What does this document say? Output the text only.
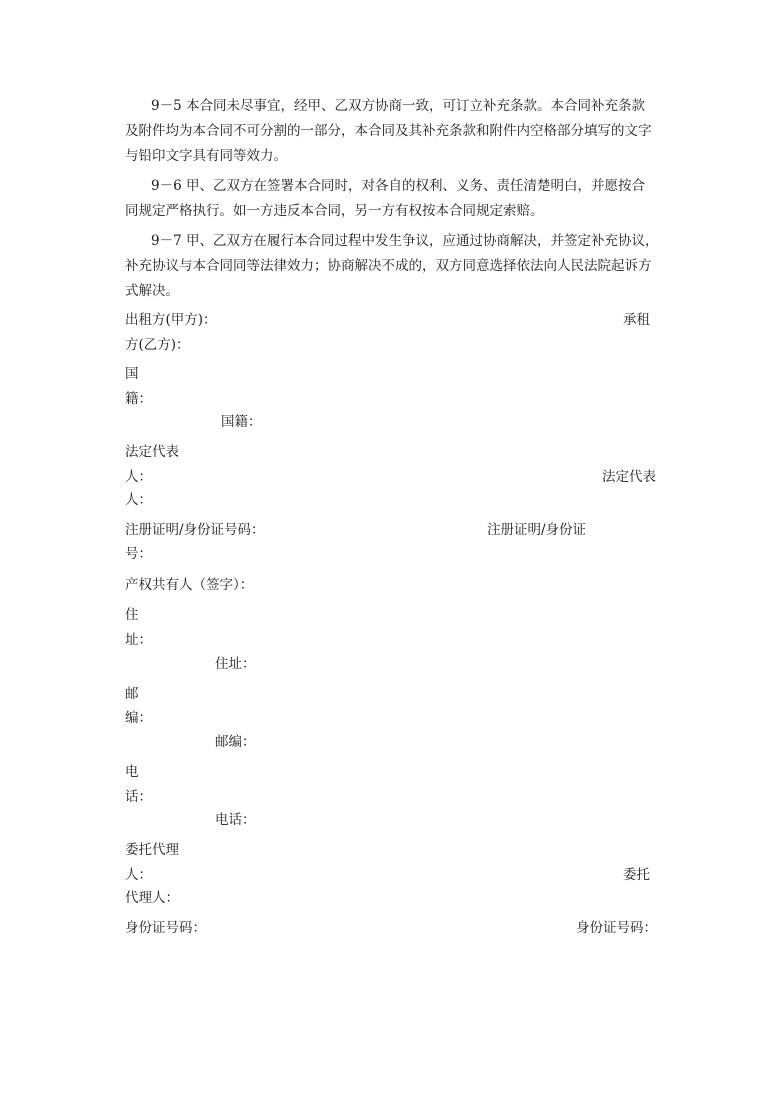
9－5 本合同未尽事宜，经甲、乙双方协商一致，可订立补充条款。本合同补充条款
及附件均为本合同不可分割的一部分，本合同及其补充条款和附件内空格部分填写的文字
与铅印文字具有同等效力。
9－6 甲、乙双方在签署本合同时，对各自的权利、义务、责任清楚明白，并愿按合
同规定严格执行。如一方违反本合同，另一方有权按本合同规定索赔。
9－7 甲、乙双方在履行本合同过程中发生争议，应通过协商解决，并签定补充协议，
补充协议与本合同同等法律效力；协商解决不成的，双方同意选择依法向人民法院起诉方
式解决。
出租方(甲方)：	承租
方(乙方)：
国
籍：
国籍：
法定代表
人：	法定代表
人：
注册证明/身份证号码：	注册证明/身份证
号：
产权共有人（签字）：
住
址：
住址：
邮
编：
邮编：
电
话：
电话：
委托代理
人：	委托
代理人：
身份证号码：	身份证号码：
